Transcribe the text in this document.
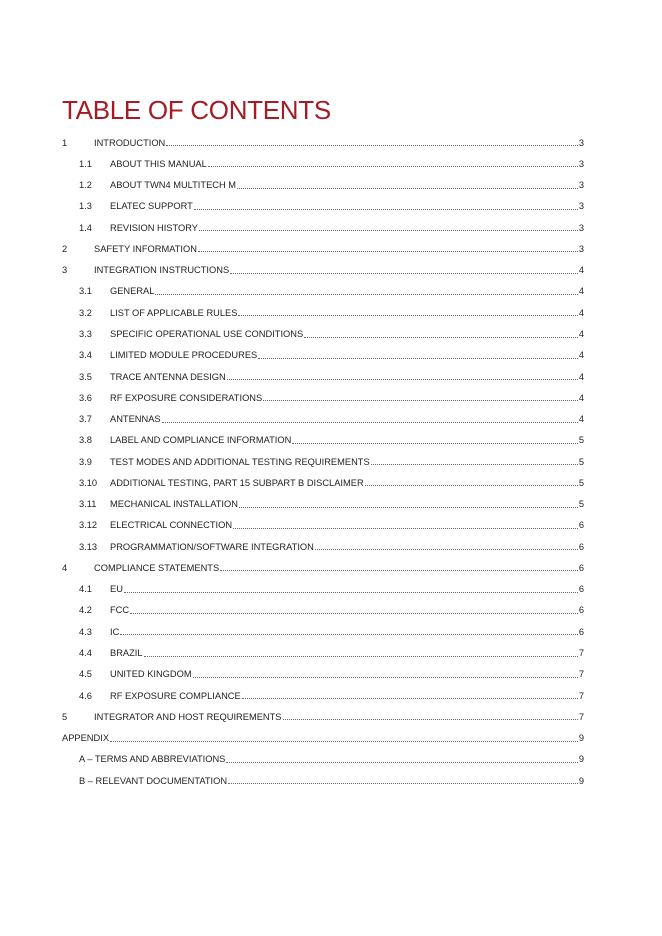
TABLE OF CONTENTS
1	INTRODUCTION	3
1.1	ABOUT THIS MANUAL	3
1.2	ABOUT TWN4 MULTITECH M	3
1.3	ELATEC SUPPORT	3
1.4	REVISION HISTORY	3
2	SAFETY INFORMATION	3
3	INTEGRATION INSTRUCTIONS	4
3.1	GENERAL	4
3.2	LIST OF APPLICABLE RULES	4
3.3	SPECIFIC OPERATIONAL USE CONDITIONS	4
3.4	LIMITED MODULE PROCEDURES	4
3.5	TRACE ANTENNA DESIGN	4
3.6	RF EXPOSURE CONSIDERATIONS	4
3.7	ANTENNAS	4
3.8	LABEL AND COMPLIANCE INFORMATION	5
3.9	TEST MODES AND ADDITIONAL TESTING REQUIREMENTS	5
3.10	ADDITIONAL TESTING, PART 15 SUBPART B DISCLAIMER	5
3.11	MECHANICAL INSTALLATION	5
3.12	ELECTRICAL CONNECTION	6
3.13	PROGRAMMATION/SOFTWARE INTEGRATION	6
4	COMPLIANCE STATEMENTS	6
4.1	EU	6
4.2	FCC	6
4.3	IC	6
4.4	BRAZIL	7
4.5	UNITED KINGDOM	7
4.6	RF EXPOSURE COMPLIANCE	7
5	INTEGRATOR AND HOST REQUIREMENTS	7
APPENDIX	9
A – TERMS AND ABBREVIATIONS	9
B – RELEVANT DOCUMENTATION	9
